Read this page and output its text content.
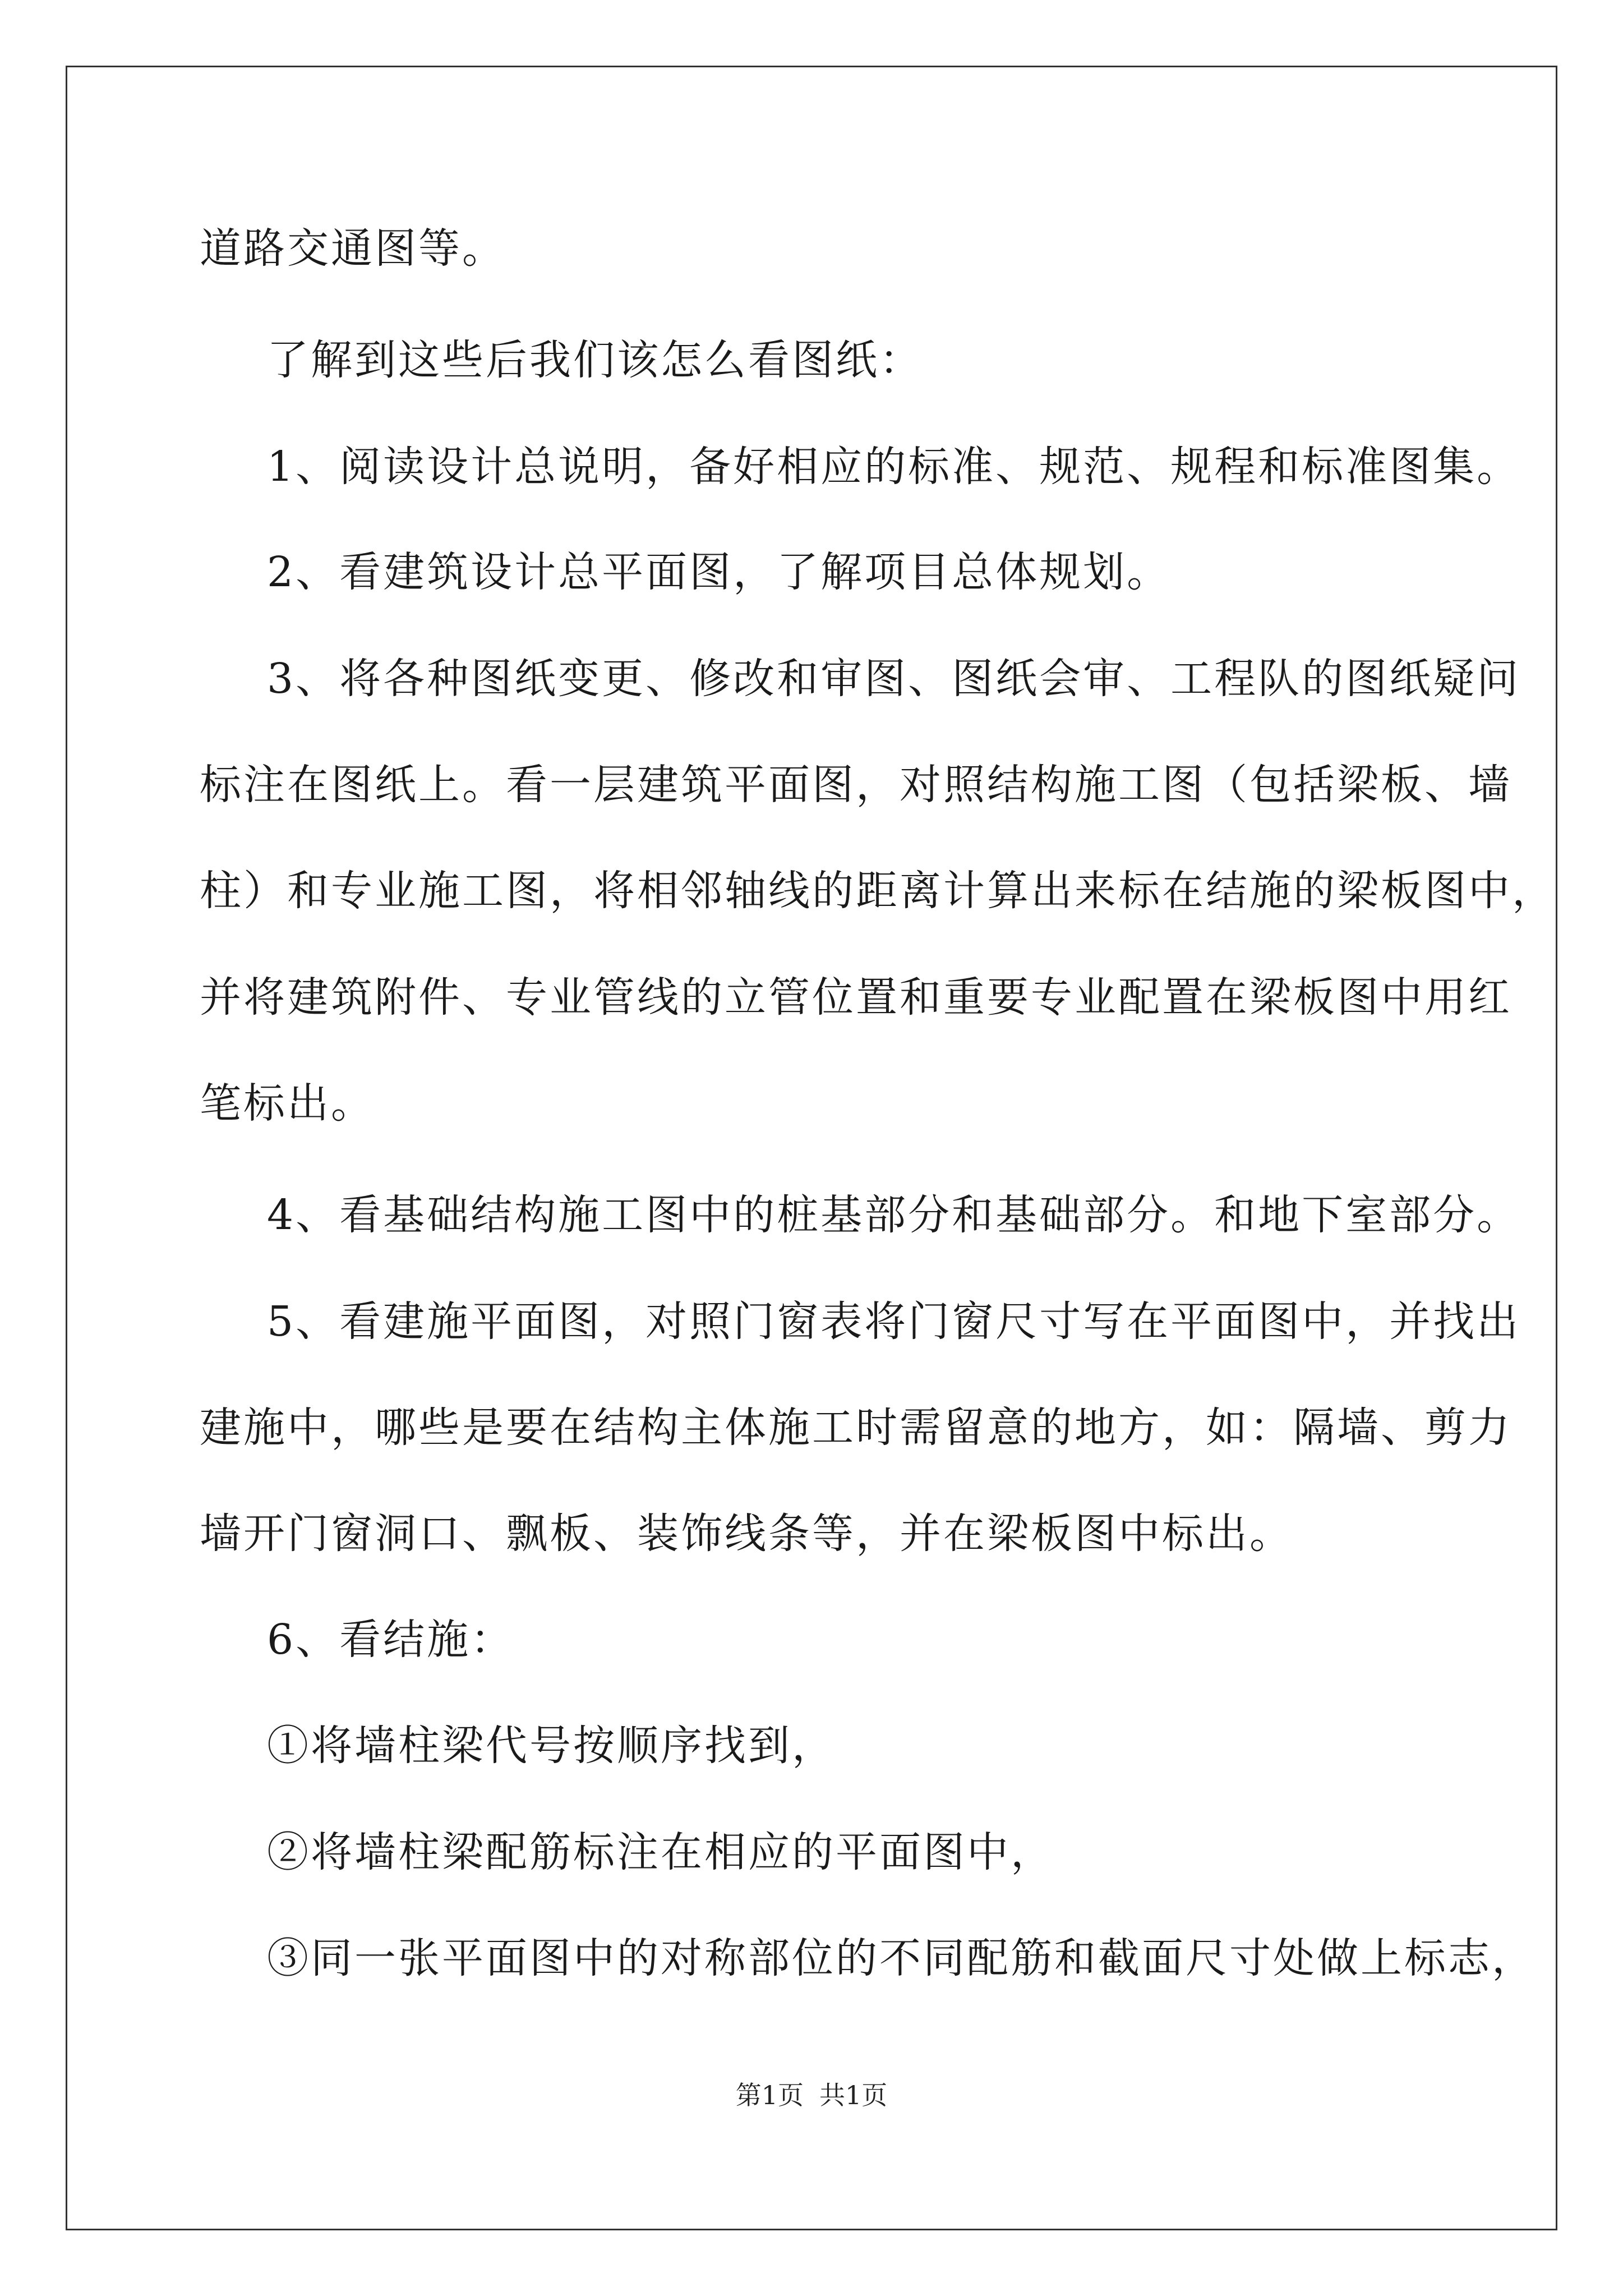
道路交通图等。
了解到这些后我们该怎么看图纸：
1、阅读设计总说明，备好相应的标准、规范、规程和标准图集。
2、看建筑设计总平面图，了解项目总体规划。
3、将各种图纸变更、修改和审图、图纸会审、工程队的图纸疑问
标注在图纸上。看一层建筑平面图，对照结构施工图（包括梁板、墙
柱）和专业施工图，将相邻轴线的距离计算出来标在结施的梁板图中，
并将建筑附件、专业管线的立管位置和重要专业配置在梁板图中用红
笔标出。
4、看基础结构施工图中的桩基部分和基础部分。和地下室部分。
5、看建施平面图，对照门窗表将门窗尺寸写在平面图中，并找出
建施中，哪些是要在结构主体施工时需留意的地方，如：隔墙、剪力
墙开门窗洞口、飘板、装饰线条等，并在梁板图中标出。
6、看结施：
①将墙柱梁代号按顺序找到，
②将墙柱梁配筋标注在相应的平面图中，
③同一张平面图中的对称部位的不同配筋和截面尺寸处做上标志，
第1页 共1页
